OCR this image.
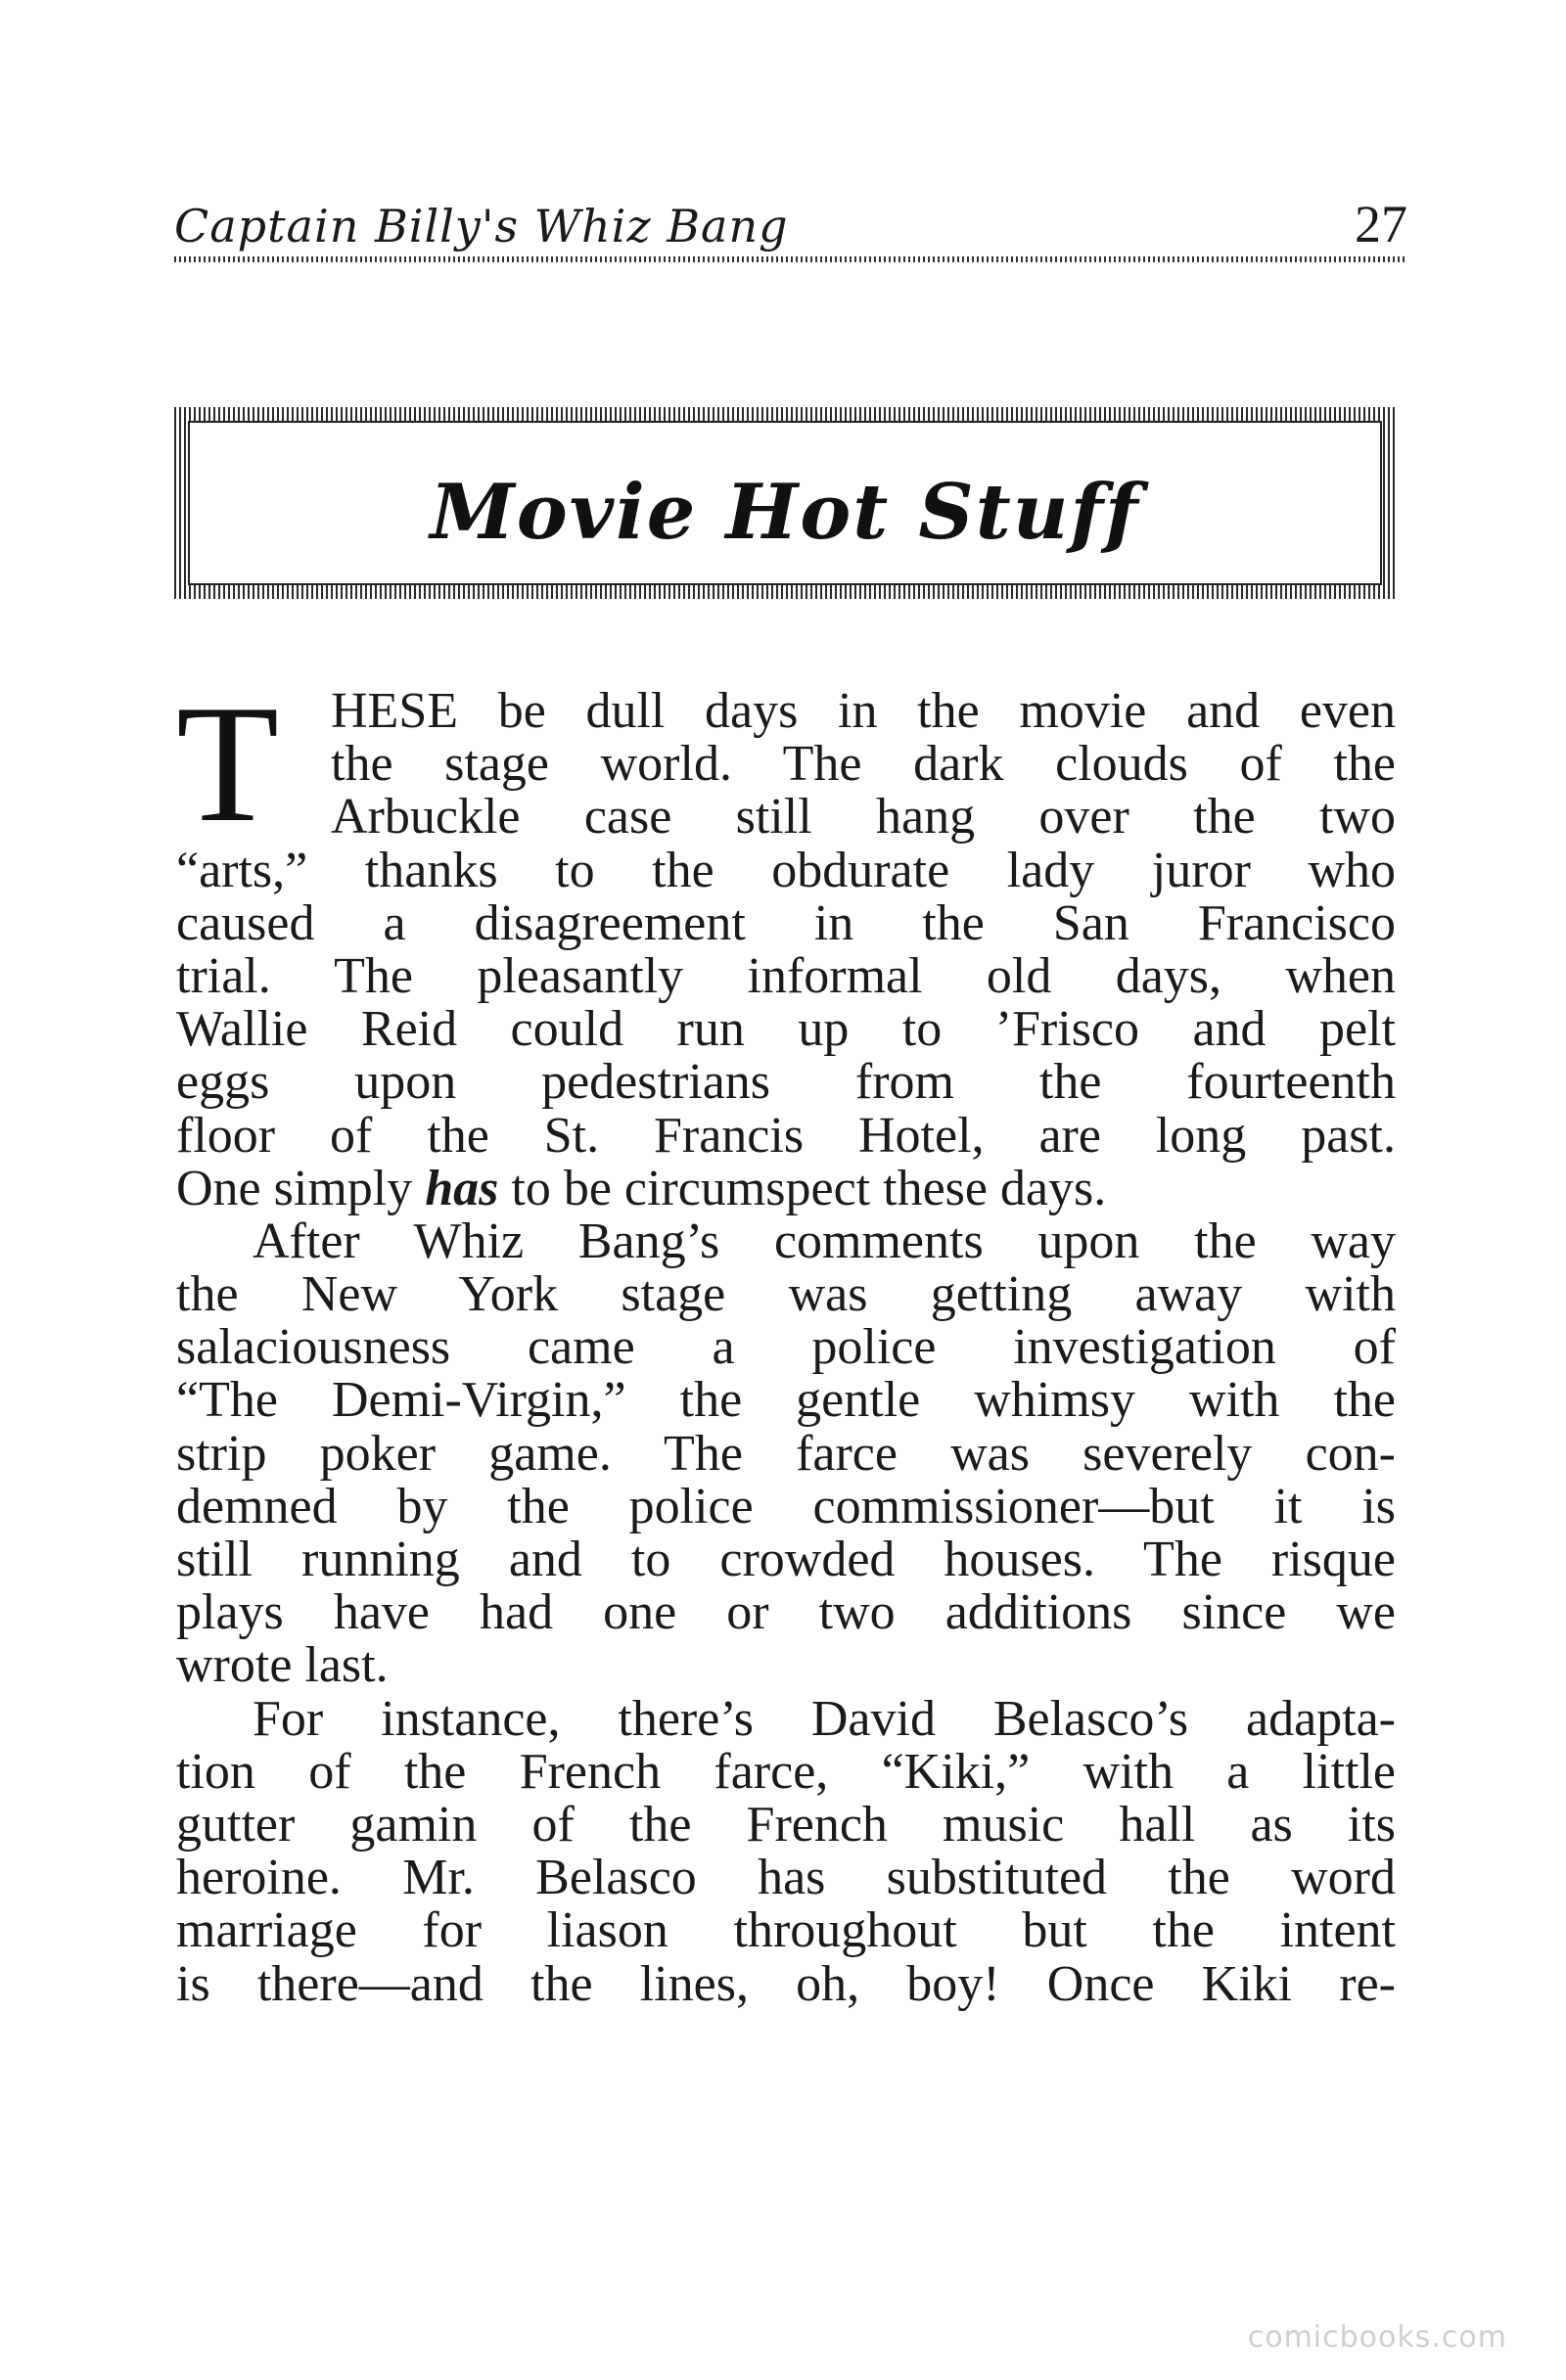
Captain Billy's Whiz Bang	27
Movie Hot Stuff
T	HESE be dull days in the movie and even
the stage world. The dark clouds of the
Arbuckle case still hang over the two
“arts,” thanks to the obdurate lady juror who
caused a disagreement in the San Francisco
trial. The pleasantly informal old days, when
Wallie Reid could run up to ’Frisco and pelt
eggs upon pedestrians from the fourteenth
floor of the St. Francis Hotel, are long past.
One simply has to be circumspect these days.
After Whiz Bang’s comments upon the way
the New York stage was getting away with
salaciousness came a police investigation of
“The Demi-Virgin,” the gentle whimsy with the
strip poker game. The farce was severely con-
demned by the police commissioner—but it is
still running and to crowded houses. The risque
plays have had one or two additions since we
wrote last.
For instance, there’s David Belasco’s adapta-
tion of the French farce, “Kiki,” with a little
gutter gamin of the French music hall as its
heroine. Mr. Belasco has substituted the word
marriage for liason throughout but the intent
is there—and the lines, oh, boy! Once Kiki re-
comicbooks.com
